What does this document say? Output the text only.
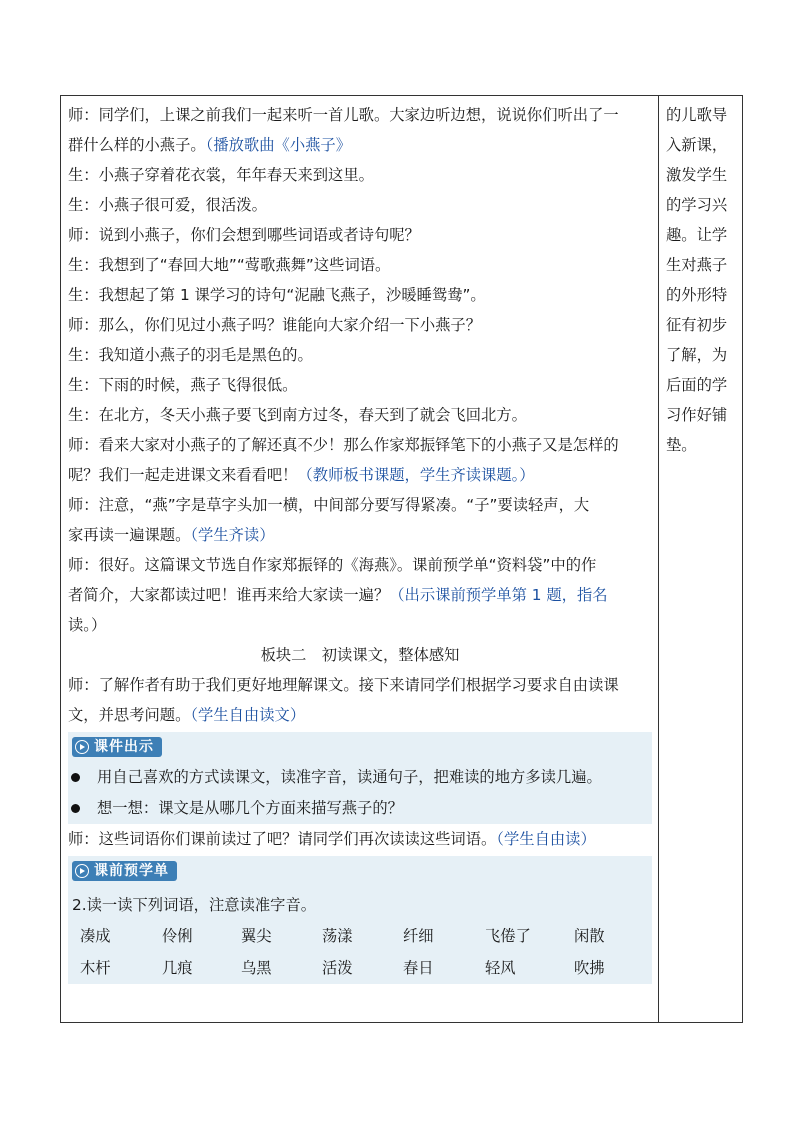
师：同学们，上课之前我们一起来听一首儿歌。大家边听边想，说说你们听出了一
群什么样的小燕子。（播放歌曲《小燕子》
生：小燕子穿着花衣裳，年年春天来到这里。
生：小燕子很可爱，很活泼。
师：说到小燕子，你们会想到哪些词语或者诗句呢？
生：我想到了“春回大地”“莺歌燕舞”这些词语。
生：我想起了第 1 课学习的诗句“泥融飞燕子，沙暖睡鸳鸯”。
师：那么，你们见过小燕子吗？谁能向大家介绍一下小燕子？
生：我知道小燕子的羽毛是黑色的。
生：下雨的时候，燕子飞得很低。
生：在北方，冬天小燕子要飞到南方过冬，春天到了就会飞回北方。
师：看来大家对小燕子的了解还真不少！那么作家郑振铎笔下的小燕子又是怎样的
呢？我们一起走进课文来看看吧！（教师板书课题，学生齐读课题。）
师：注意，“燕”字是草字头加一横，中间部分要写得紧凑。“子”要读轻声，大
家再读一遍课题。（学生齐读）
师：很好。这篇课文节选自作家郑振铎的《海燕》。课前预学单“资料袋”中的作
者简介，大家都读过吧！谁再来给大家读一遍？（出示课前预学单第 1 题，指名
读。）
板块二　初读课文，整体感知
师：了解作者有助于我们更好地理解课文。接下来请同学们根据学习要求自由读课
文，并思考问题。（学生自由读文）
课件出示
用自己喜欢的方式读课文，读准字音，读通句子，把难读的地方多读几遍。
想一想：课文是从哪几个方面来描写燕子的？
师：这些词语你们课前读过了吧？请同学们再次读读这些词语。（学生自由读）
课前预学单
2.读一读下列词语，注意读准字音。
凑成	伶俐	翼尖	荡漾	纤细	飞倦了	闲散
木杆	几痕	乌黑	活泼	春日	轻风	吹拂
的儿歌导
入新课，
激发学生
的学习兴
趣。让学
生对燕子
的外形特
征有初步
了解，为
后面的学
习作好铺
垫。
